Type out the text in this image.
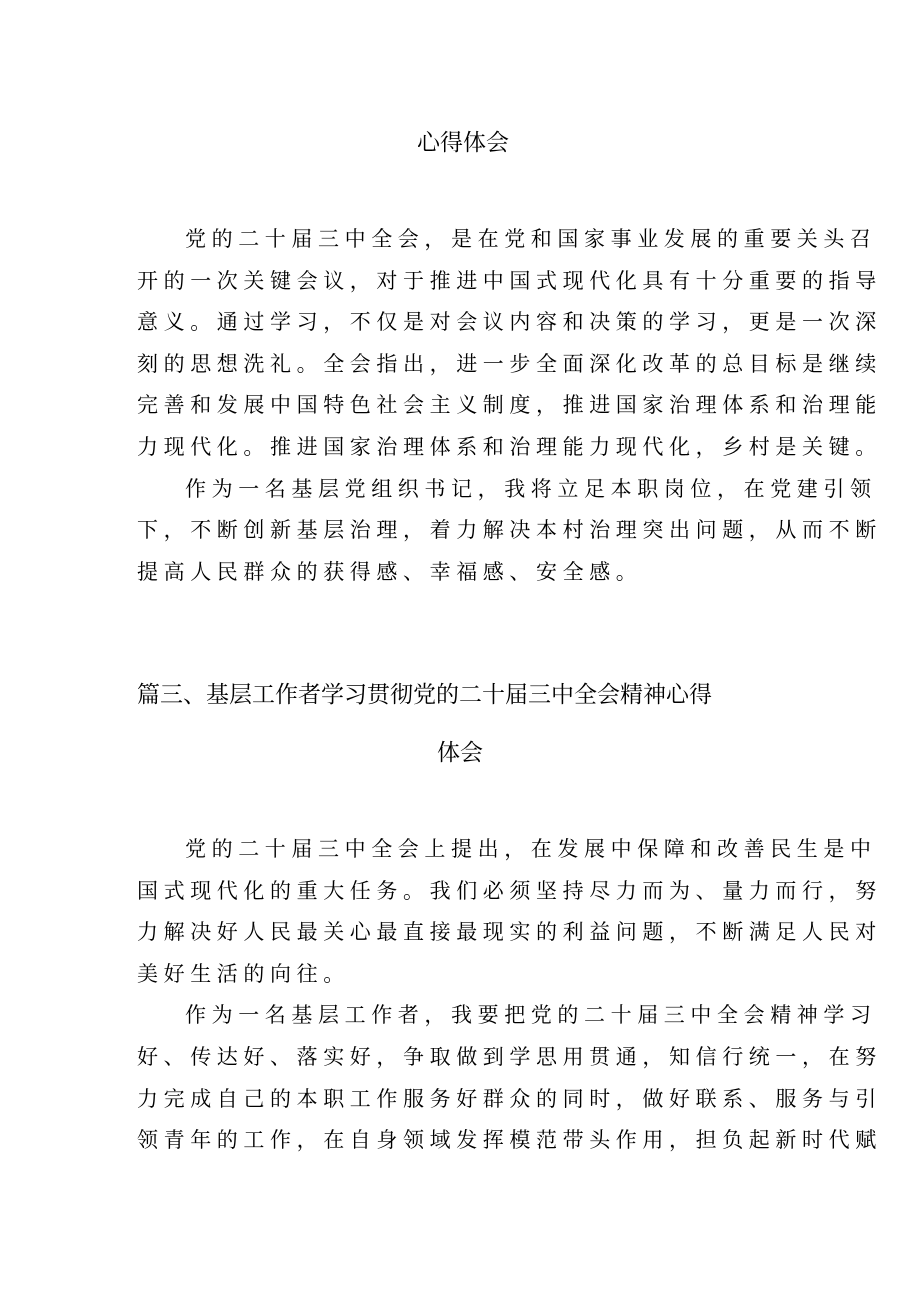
心得体会
党的二十届三中全会，是在党和国家事业发展的重要关头召
开的一次关键会议，对于推进中国式现代化具有十分重要的指导
意义。通过学习，不仅是对会议内容和决策的学习，更是一次深
刻的思想洗礼。全会指出，进一步全面深化改革的总目标是继续
完善和发展中国特色社会主义制度，推进国家治理体系和治理能
力现代化。推进国家治理体系和治理能力现代化，乡村是关键。
作为一名基层党组织书记，我将立足本职岗位，在党建引领
下，不断创新基层治理，着力解决本村治理突出问题，从而不断
提高人民群众的获得感、幸福感、安全感。
篇三、基层工作者学习贯彻党的二十届三中全会精神心得
体会
党的二十届三中全会上提出，在发展中保障和改善民生是中
国式现代化的重大任务。我们必须坚持尽力而为、量力而行，努
力解决好人民最关心最直接最现实的利益问题，不断满足人民对
美好生活的向往。
作为一名基层工作者，我要把党的二十届三中全会精神学习
好、传达好、落实好，争取做到学思用贯通，知信行统一，在努
力完成自己的本职工作服务好群众的同时，做好联系、服务与引
领青年的工作，在自身领域发挥模范带头作用，担负起新时代赋
